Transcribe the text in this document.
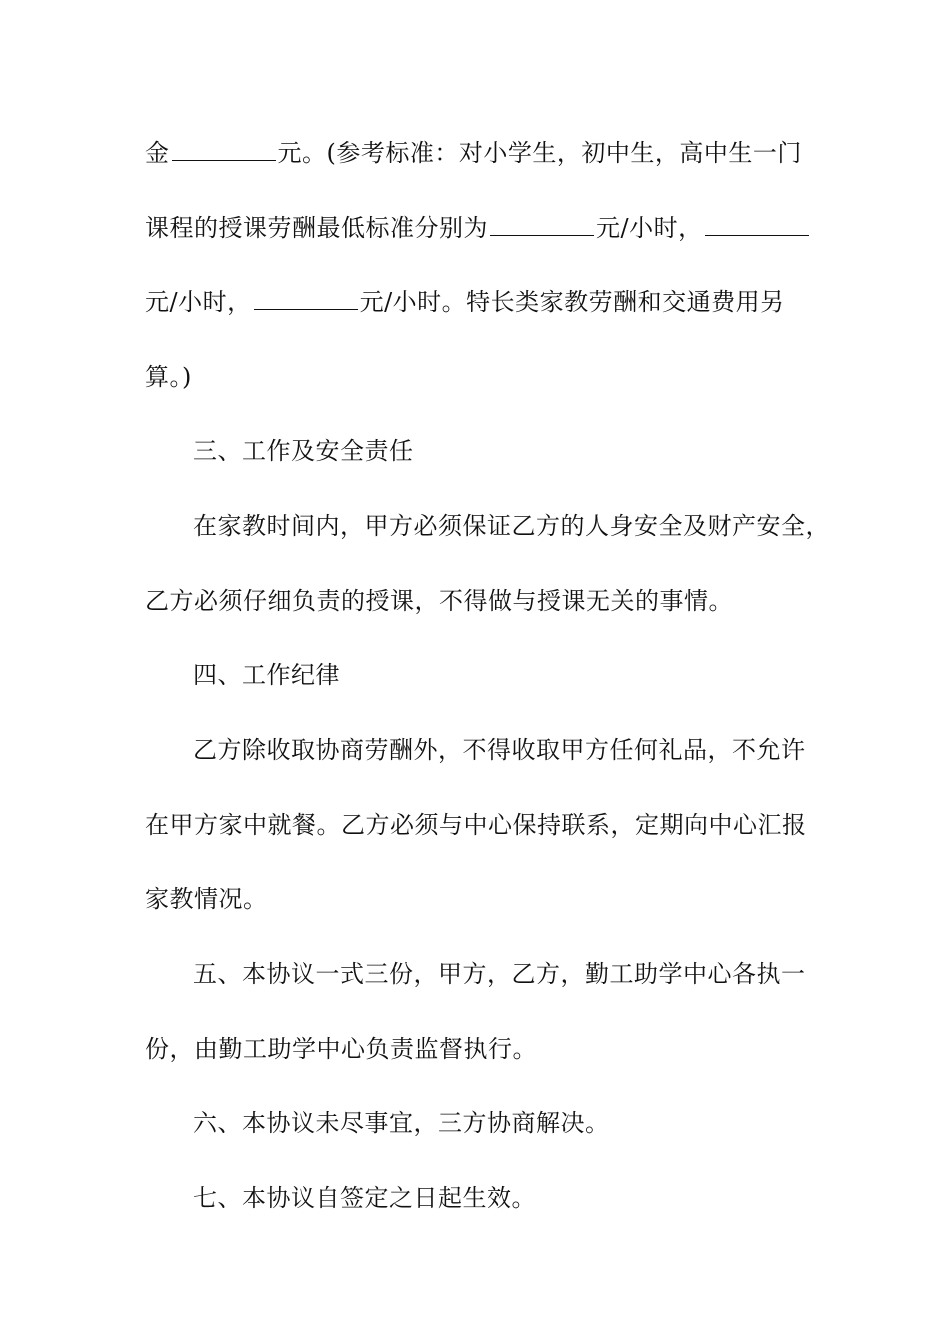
金	元。(参考标准：对小学生，初中生，高中生一门
课程的授课劳酬最低标准分别为	元/小时，
元/小时，	元/小时。特长类家教劳酬和交通费用另
算。)
三、工作及安全责任
在家教时间内，甲方必须保证乙方的人身安全及财产安全，
乙方必须仔细负责的授课，不得做与授课无关的事情。
四、工作纪律
乙方除收取协商劳酬外，不得收取甲方任何礼品，不允许
在甲方家中就餐。乙方必须与中心保持联系，定期向中心汇报
家教情况。
五、本协议一式三份，甲方，乙方，勤工助学中心各执一
份，由勤工助学中心负责监督执行。
六、本协议未尽事宜，三方协商解决。
七、本协议自签定之日起生效。
